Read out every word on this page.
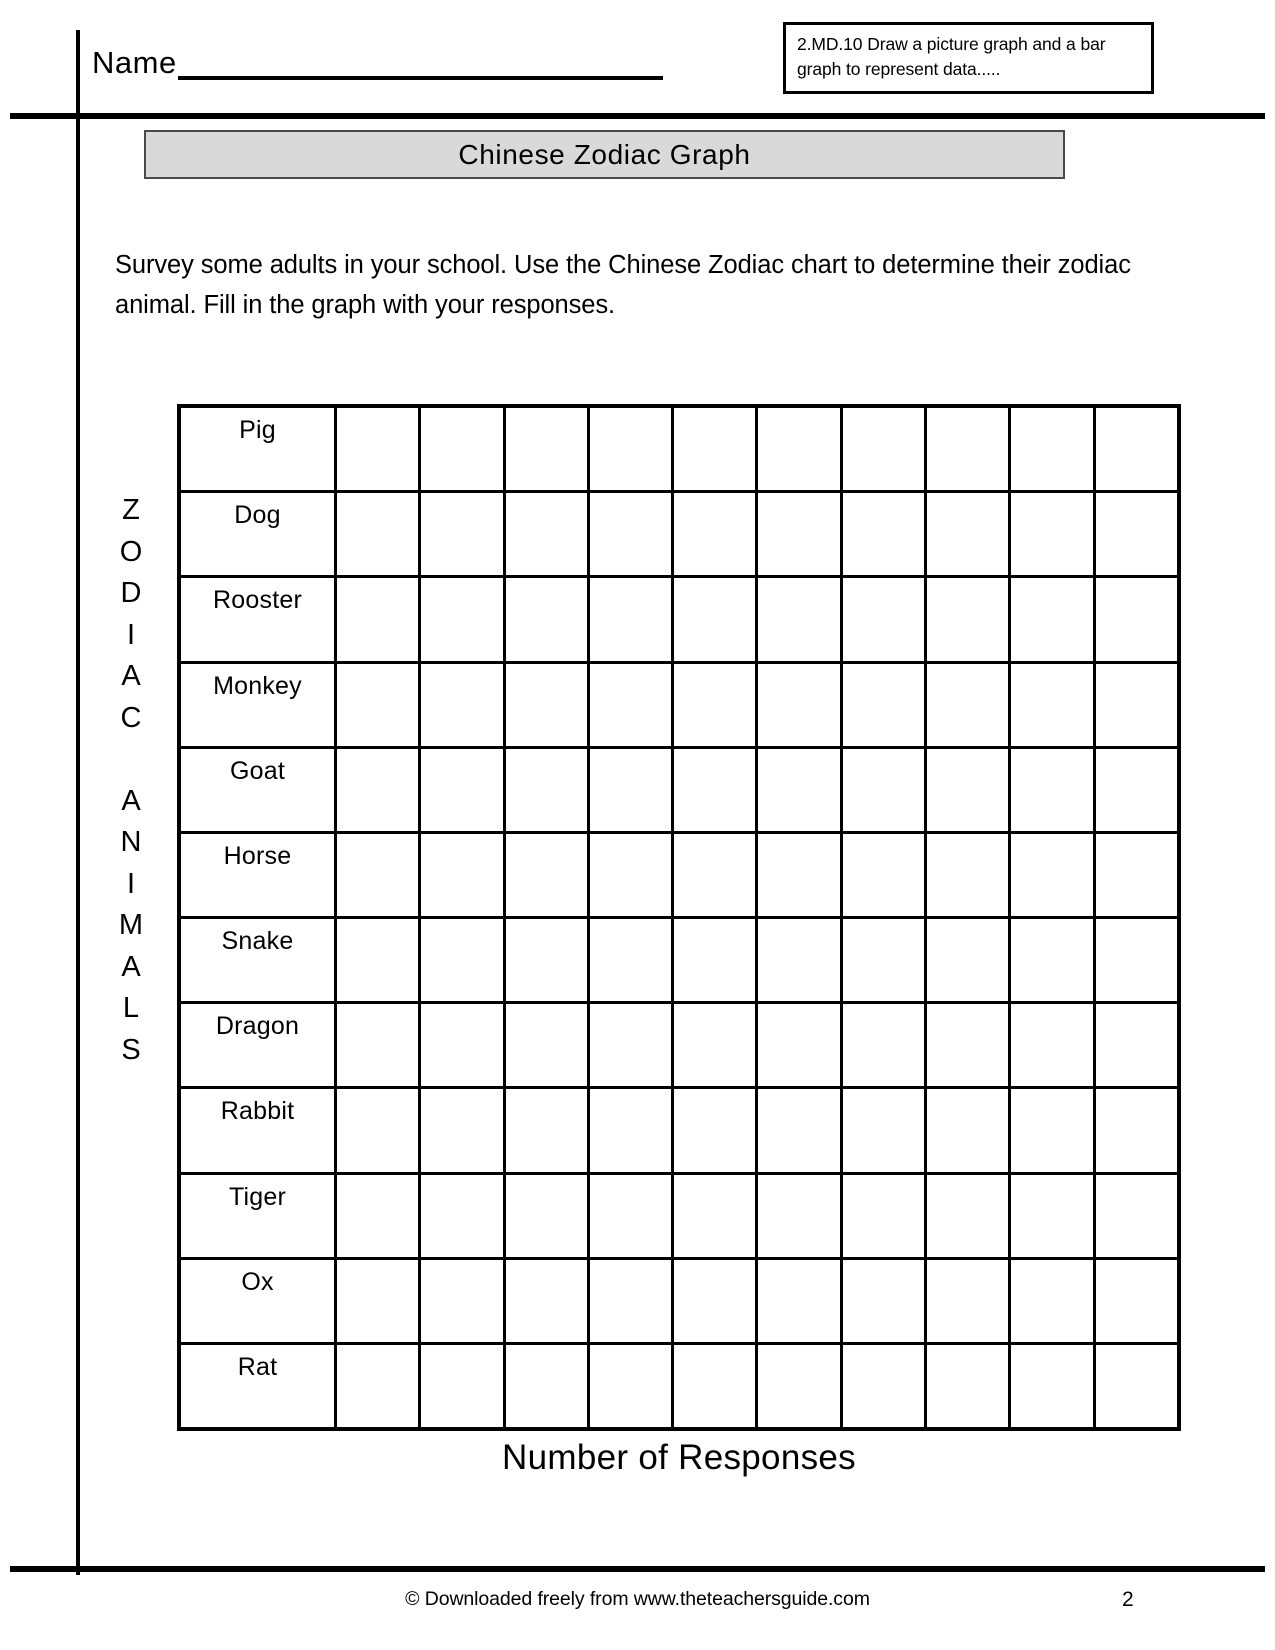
Name
2.MD.10 Draw a picture graph and a bar graph to represent data.....
Chinese Zodiac Graph
Survey some adults in your school. Use the Chinese Zodiac chart to determine their zodiac animal. Fill in the graph with your responses.
Z
O
D
I
A
C
A
N
I
M
A
L
S
Pig
Dog
Rooster
Monkey
Goat
Horse
Snake
Dragon
Rabbit
Tiger
Ox
Rat
Number of Responses
© Downloaded freely from www.theteachersguide.com	2
